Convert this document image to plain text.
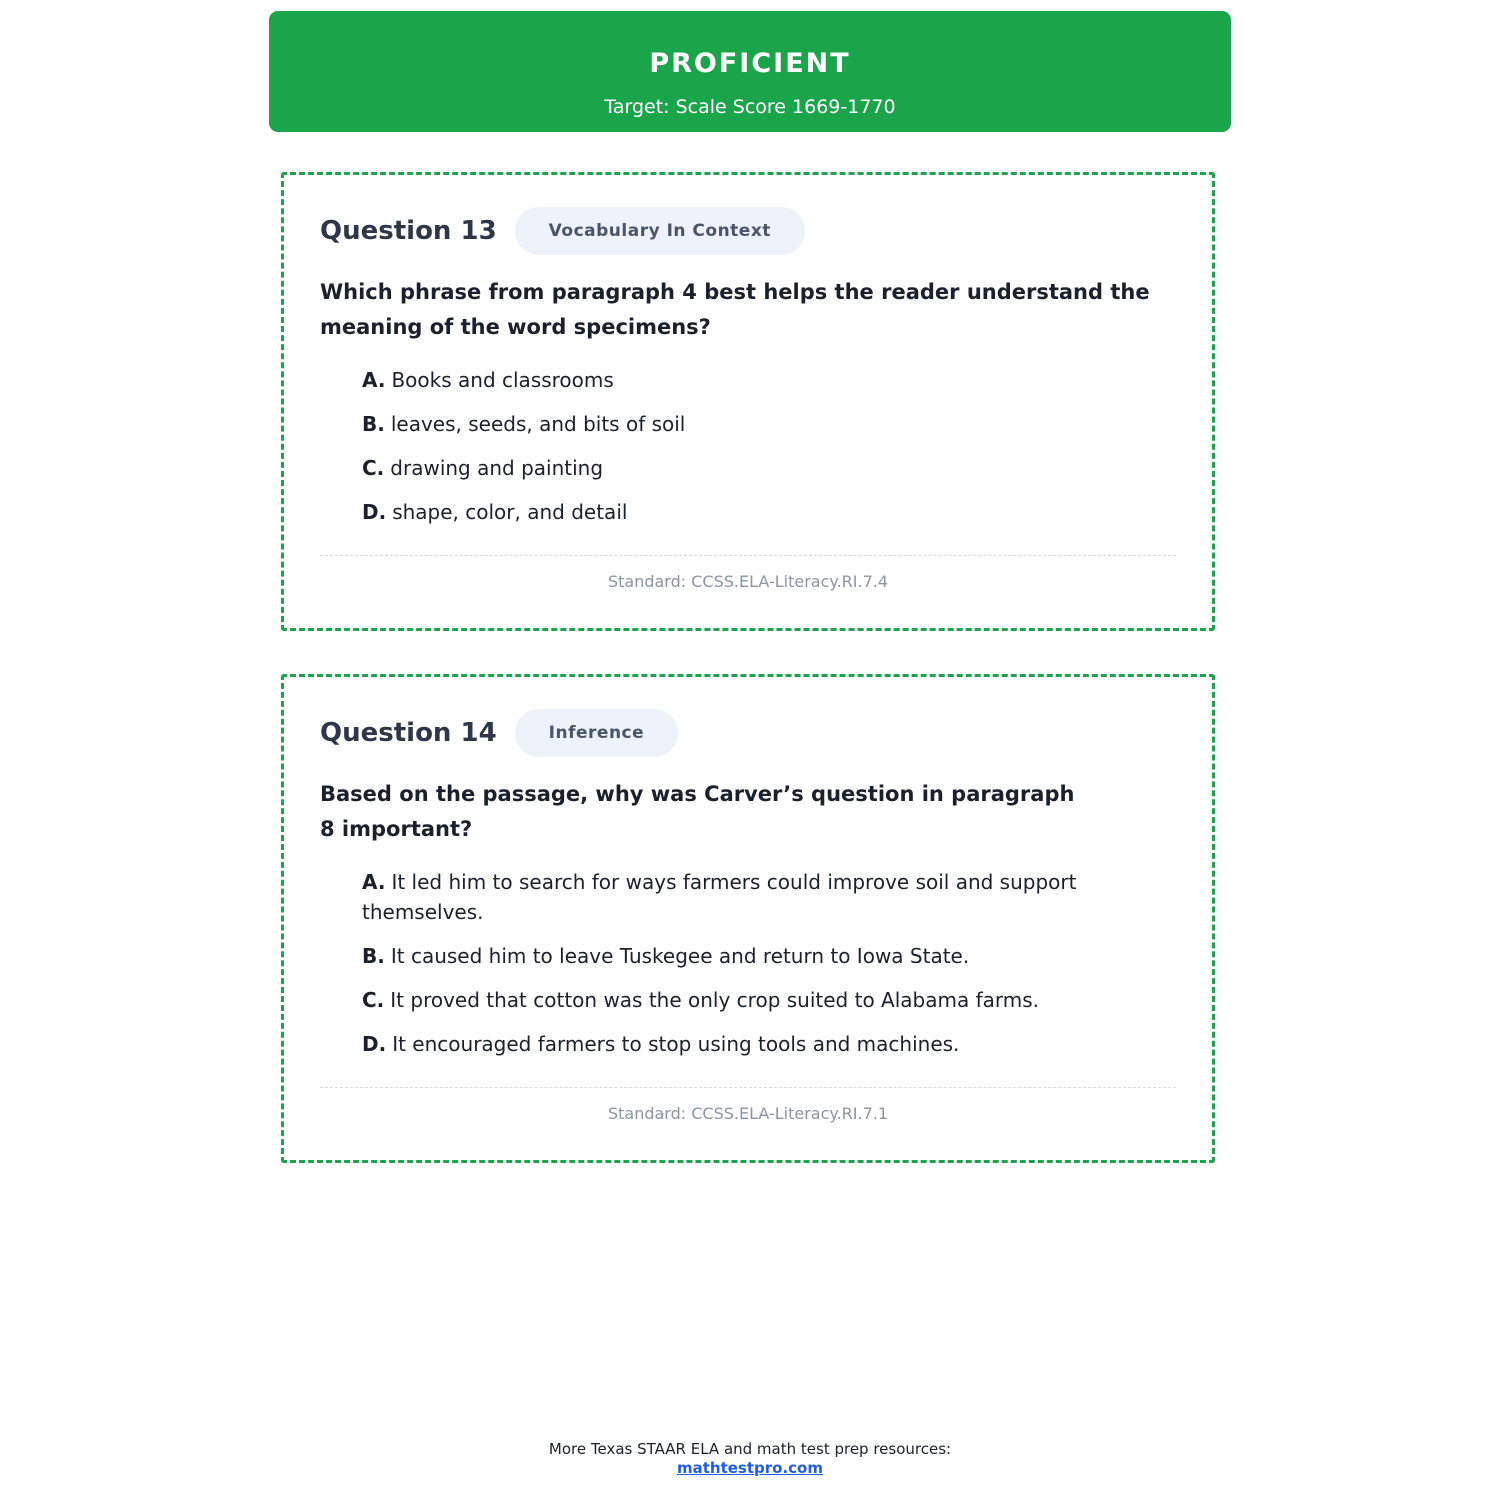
PROFICIENT
Target: Scale Score 1669-1770
Question 13	Vocabulary In Context
Which phrase from paragraph 4 best helps the reader understand the meaning of the word specimens?
A. Books and classrooms
B. leaves, seeds, and bits of soil
C. drawing and painting
D. shape, color, and detail
Standard: CCSS.ELA-Literacy.RI.7.4
Question 14	Inference
Based on the passage, why was Carver’s question in paragraph 8 important?
A. It led him to search for ways farmers could improve soil and support themselves.
B. It caused him to leave Tuskegee and return to Iowa State.
C. It proved that cotton was the only crop suited to Alabama farms.
D. It encouraged farmers to stop using tools and machines.
Standard: CCSS.ELA-Literacy.RI.7.1
More Texas STAAR ELA and math test prep resources:
mathtestpro.com
